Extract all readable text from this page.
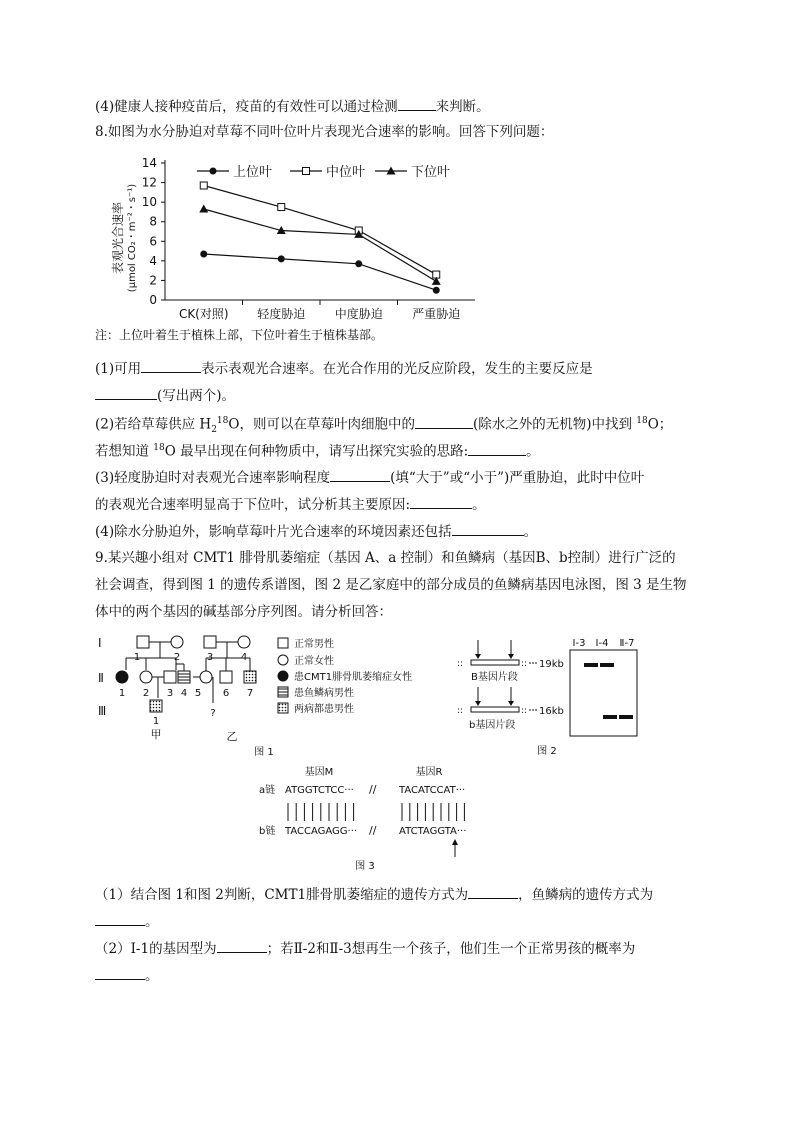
(4)健康人接种疫苗后，疫苗的有效性可以通过检测	来判断。
8.如图为水分胁迫对草莓不同叶位叶片表现光合速率的影响。回答下列问题：
0
2
4
6
8
10
12
14
CK(对照) 轻度胁迫 中度胁迫 严重胁迫
上位叶	中位叶	下位叶
表观光合速率 (μmol CO₂・m⁻²・s⁻¹)
注：上位叶着生于植株上部，下位叶着生于植株基部。
(1)可用	表示表观光合速率。在光合作用的光反应阶段，发生的主要反应是
(写出两个)。
(2)若给草莓供应 $H_2^{18}O$，则可以在草莓叶肉细胞中的	(除水之外的无机物)中找到 $^{18}$O；
若想知道 $^{18}$O 最早出现在何种物质中，请写出探究实验的思路:	。
(3)轻度胁迫时对表观光合速率影响程度	(填“大于”或“小于”)严重胁迫，此时中位叶
的表观光合速率明显高于下位叶，试分析其主要原因:	。
(4)除水分胁迫外，影响草莓叶片光合速率的环境因素还包括	。
9.某兴趣小组对 CMT1 腓骨肌萎缩症（基因 A、a 控制）和鱼鳞病（基因B、b控制）进行广泛的
社会调查，得到图 1 的遗传系谱图，图 2 是乙家庭中的部分成员的鱼鳞病基因电泳图，图 3 是生物
体中的两个基因的碱基部分序列图。请分析回答：
Ⅰ
Ⅱ
Ⅲ
1	2
1 2 3 4
1
甲
3	4
5 6 7
?
乙
正常男性
正常女性
患CMT1腓骨肌萎缩症女性
患鱼鳞病男性
两病都患男性
图 1
::	:: 19kb
B基因片段
::	:: 16kb
b基因片段
Ⅰ-3 Ⅰ-4 Ⅱ-7
图 2
基因M	基因R
a链 ATGGTCTCC··· // TACATCCAT···
b链 TACCAGAGG··· // ATCTAGGTA···
图 3
（1）结合图 1和图 2判断，CMT1腓骨肌萎缩症的遗传方式为	，鱼鳞病的遗传方式为
。
（2）Ⅰ-1的基因型为	；若Ⅱ-2和Ⅱ-3想再生一个孩子，他们生一个正常男孩的概率为
。
